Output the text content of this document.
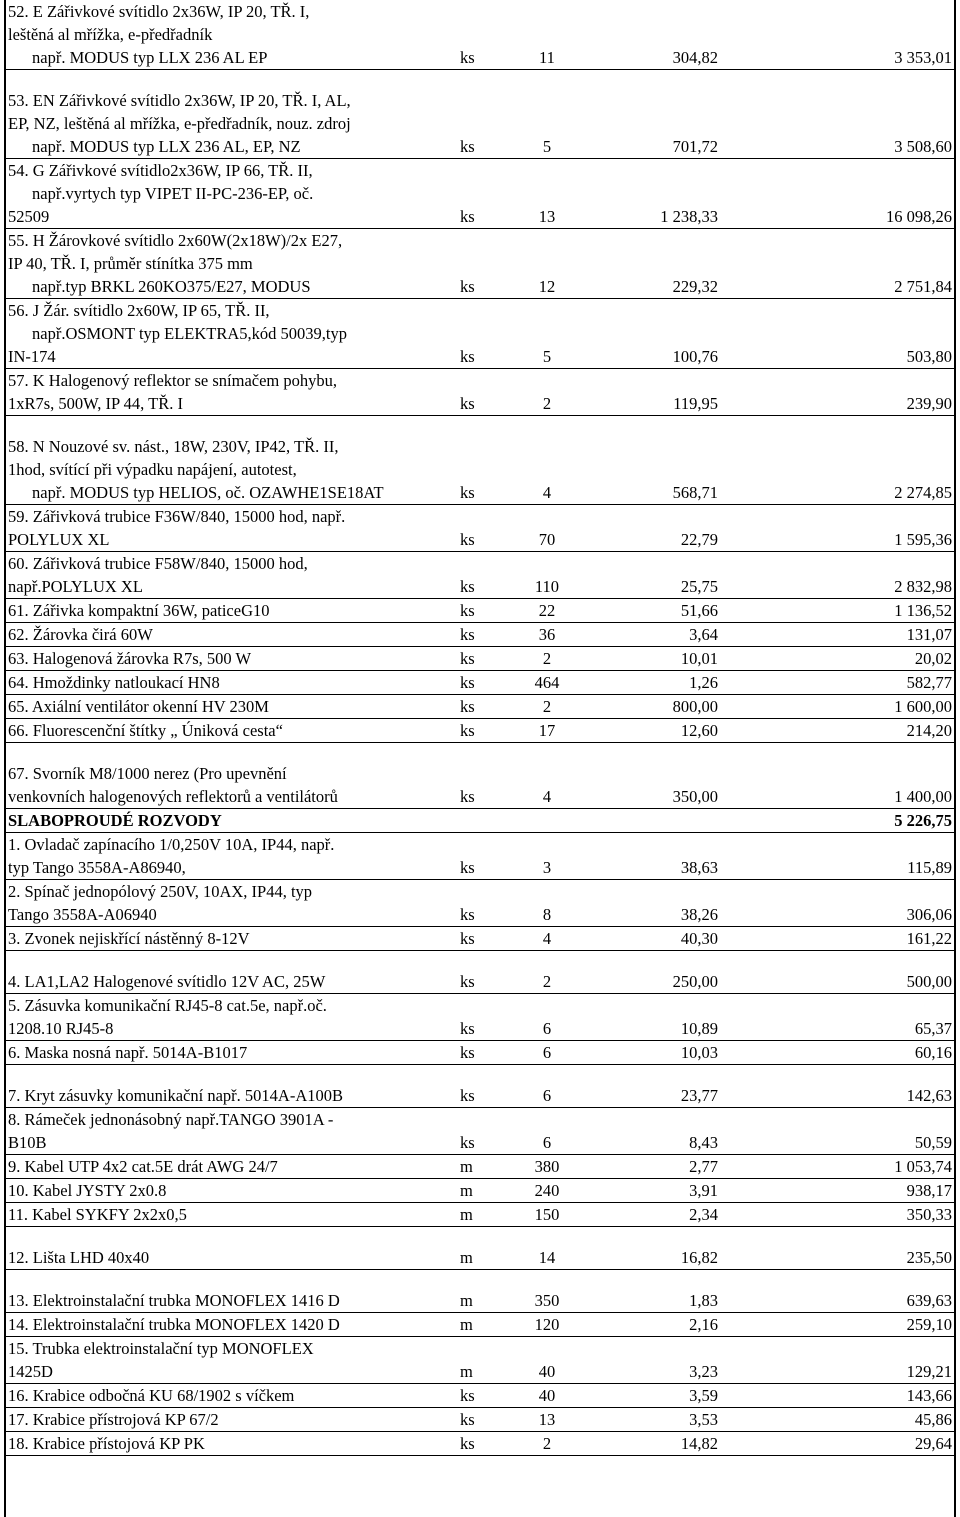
52. E Zářivkové svítidlo 2x36W, IP 20, TŘ. I,
leštěná al mřížka, e-předřadník
např. MODUS typ LLX 236 AL EP	ks	11	304,82	3 353,01

53. EN Zářivkové svítidlo 2x36W, IP 20, TŘ. I, AL,
EP, NZ, leštěná al mřížka, e-předřadník, nouz. zdroj
např. MODUS typ LLX 236 AL, EP, NZ	ks	5	701,72	3 508,60

54. G Zářivkové svítidlo2x36W, IP 66, TŘ. II,
např.vyrtych typ VIPET II-PC-236-EP, oč.
52509	ks	13	1 238,33	16 098,26

55. H Žárovkové svítidlo 2x60W(2x18W)/2x E27,
IP 40, TŘ. I, průměr stínítka 375 mm
např.typ BRKL 260KO375/E27, MODUS	ks	12	229,32	2 751,84

56. J Žár. svítidlo 2x60W, IP 65, TŘ. II,
např.OSMONT typ ELEKTRA5,kód 50039,typ
IN-174	ks	5	100,76	503,80

57. K Halogenový reflektor se snímačem pohybu,
1xR7s, 500W, IP 44, TŘ. I	ks	2	119,95	239,90

58. N Nouzové sv. nást., 18W, 230V, IP42, TŘ. II,
1hod, svítící při výpadku napájení, autotest,
např. MODUS typ HELIOS, oč. OZAWHE1SE18AT	ks	4	568,71	2 274,85

59. Zářivková trubice F36W/840, 15000 hod, např.
POLYLUX XL	ks	70	22,79	1 595,36

60. Zářivková trubice F58W/840, 15000 hod,
např.POLYLUX XL	ks	110	25,75	2 832,98

61. Zářivka kompaktní 36W, paticeG10	ks	22	51,66	1 136,52

62. Žárovka čirá 60W	ks	36	3,64	131,07

63. Halogenová žárovka R7s, 500 W	ks	2	10,01	20,02

64. Hmoždinky natloukací HN8	ks	464	1,26	582,77

65. Axiální ventilátor okenní HV 230M	ks	2	800,00	1 600,00

66. Fluorescenční štítky „ Úniková cesta“	ks	17	12,60	214,20

67. Svorník M8/1000 nerez (Pro upevnění
venkovních halogenových reflektorů a ventilátorů	ks	4	350,00	1 400,00

SLABOPROUDÉ ROZVODY				5 226,75

1. Ovladač zapínacího 1/0,250V 10A, IP44, např.
typ Tango 3558A-A86940,	ks	3	38,63	115,89

2. Spínač jednopólový 250V, 10AX, IP44, typ
Tango 3558A-A06940	ks	8	38,26	306,06

3. Zvonek nejiskřící nástěnný 8-12V	ks	4	40,30	161,22

4. LA1,LA2 Halogenové svítidlo 12V AC, 25W	ks	2	250,00	500,00

5. Zásuvka komunikační RJ45-8 cat.5e, např.oč.
1208.10 RJ45-8	ks	6	10,89	65,37

6. Maska nosná např. 5014A-B1017	ks	6	10,03	60,16

7. Kryt zásuvky komunikační např. 5014A-A100B	ks	6	23,77	142,63

8. Rámeček jednonásobný např.TANGO 3901A -
B10B	ks	6	8,43	50,59

9. Kabel UTP 4x2 cat.5E drát AWG 24/7	m	380	2,77	1 053,74

10. Kabel JYSTY 2x0.8	m	240	3,91	938,17

11. Kabel SYKFY 2x2x0,5	m	150	2,34	350,33

12. Lišta LHD 40x40	m	14	16,82	235,50

13. Elektroinstalační trubka MONOFLEX 1416 D	m	350	1,83	639,63

14. Elektroinstalační trubka MONOFLEX 1420 D	m	120	2,16	259,10

15. Trubka elektroinstalační typ MONOFLEX
1425D	m	40	3,23	129,21

16. Krabice odbočná KU 68/1902 s víčkem	ks	40	3,59	143,66

17. Krabice přístrojová KP 67/2	ks	13	3,53	45,86

18. Krabice přístojová KP PK	ks	2	14,82	29,64
